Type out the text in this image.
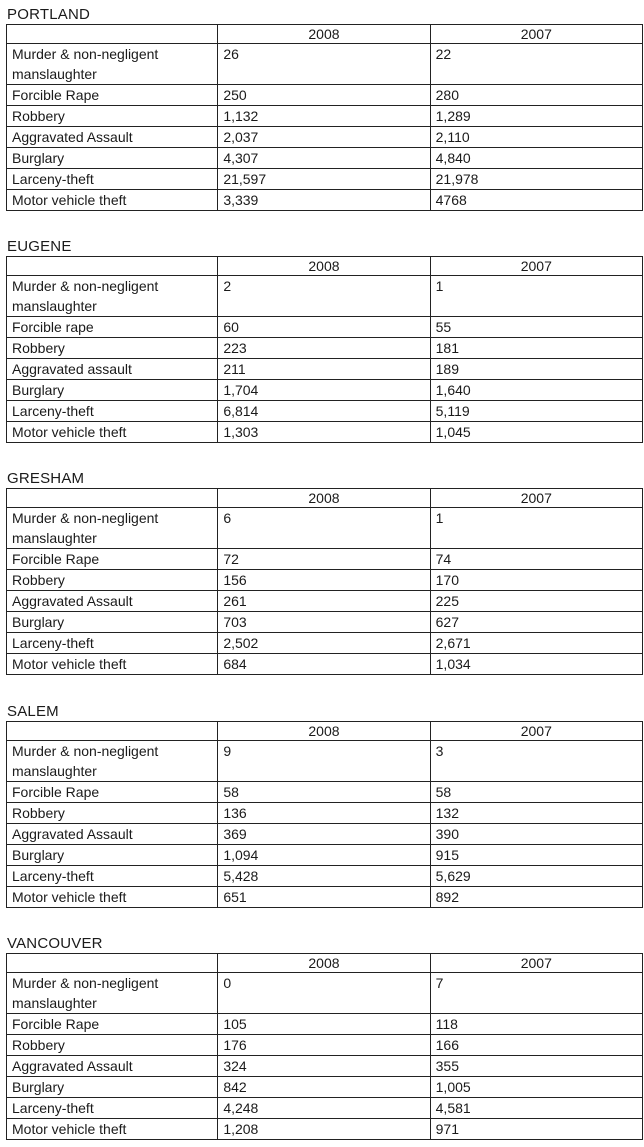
PORTLAND
	2008	2007
Murder & non-negligent manslaughter	26	22
Forcible Rape	250	280
Robbery	1,132	1,289
Aggravated Assault	2,037	2,110
Burglary	4,307	4,840
Larceny-theft	21,597	21,978
Motor vehicle theft	3,339	4768
EUGENE
	2008	2007
Murder & non-negligent manslaughter	2	1
Forcible rape	60	55
Robbery	223	181
Aggravated assault	211	189
Burglary	1,704	1,640
Larceny-theft	6,814	5,119
Motor vehicle theft	1,303	1,045
GRESHAM
	2008	2007
Murder & non-negligent manslaughter	6	1
Forcible Rape	72	74
Robbery	156	170
Aggravated Assault	261	225
Burglary	703	627
Larceny-theft	2,502	2,671
Motor vehicle theft	684	1,034
SALEM
	2008	2007
Murder & non-negligent manslaughter	9	3
Forcible Rape	58	58
Robbery	136	132
Aggravated Assault	369	390
Burglary	1,094	915
Larceny-theft	5,428	5,629
Motor vehicle theft	651	892
VANCOUVER
	2008	2007
Murder & non-negligent manslaughter	0	7
Forcible Rape	105	118
Robbery	176	166
Aggravated Assault	324	355
Burglary	842	1,005
Larceny-theft	4,248	4,581
Motor vehicle theft	1,208	971
